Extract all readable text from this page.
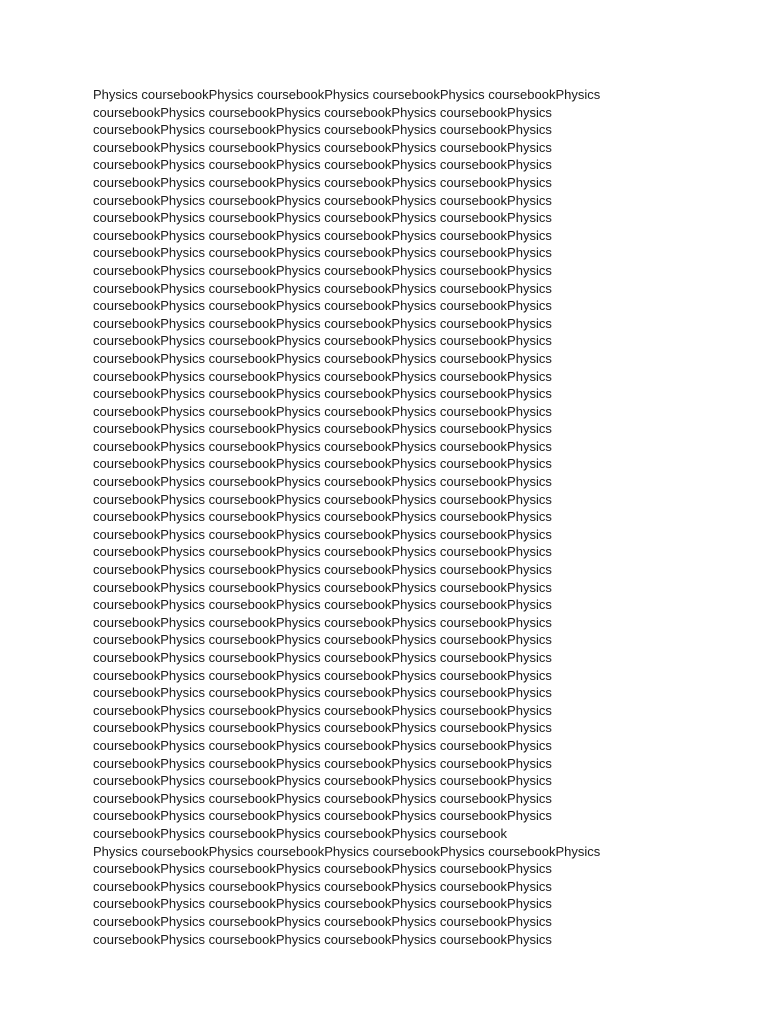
Physics coursebookPhysics coursebookPhysics coursebookPhysics coursebookPhysics
coursebookPhysics coursebookPhysics coursebookPhysics coursebookPhysics
coursebookPhysics coursebookPhysics coursebookPhysics coursebookPhysics
coursebookPhysics coursebookPhysics coursebookPhysics coursebookPhysics
coursebookPhysics coursebookPhysics coursebookPhysics coursebookPhysics
coursebookPhysics coursebookPhysics coursebookPhysics coursebookPhysics
coursebookPhysics coursebookPhysics coursebookPhysics coursebookPhysics
coursebookPhysics coursebookPhysics coursebookPhysics coursebookPhysics
coursebookPhysics coursebookPhysics coursebookPhysics coursebookPhysics
coursebookPhysics coursebookPhysics coursebookPhysics coursebookPhysics
coursebookPhysics coursebookPhysics coursebookPhysics coursebookPhysics
coursebookPhysics coursebookPhysics coursebookPhysics coursebookPhysics
coursebookPhysics coursebookPhysics coursebookPhysics coursebookPhysics
coursebookPhysics coursebookPhysics coursebookPhysics coursebookPhysics
coursebookPhysics coursebookPhysics coursebookPhysics coursebookPhysics
coursebookPhysics coursebookPhysics coursebookPhysics coursebookPhysics
coursebookPhysics coursebookPhysics coursebookPhysics coursebookPhysics
coursebookPhysics coursebookPhysics coursebookPhysics coursebookPhysics
coursebookPhysics coursebookPhysics coursebookPhysics coursebookPhysics
coursebookPhysics coursebookPhysics coursebookPhysics coursebookPhysics
coursebookPhysics coursebookPhysics coursebookPhysics coursebookPhysics
coursebookPhysics coursebookPhysics coursebookPhysics coursebookPhysics
coursebookPhysics coursebookPhysics coursebookPhysics coursebookPhysics
coursebookPhysics coursebookPhysics coursebookPhysics coursebookPhysics
coursebookPhysics coursebookPhysics coursebookPhysics coursebookPhysics
coursebookPhysics coursebookPhysics coursebookPhysics coursebookPhysics
coursebookPhysics coursebookPhysics coursebookPhysics coursebookPhysics
coursebookPhysics coursebookPhysics coursebookPhysics coursebookPhysics
coursebookPhysics coursebookPhysics coursebookPhysics coursebookPhysics
coursebookPhysics coursebookPhysics coursebookPhysics coursebookPhysics
coursebookPhysics coursebookPhysics coursebookPhysics coursebookPhysics
coursebookPhysics coursebookPhysics coursebookPhysics coursebookPhysics
coursebookPhysics coursebookPhysics coursebookPhysics coursebookPhysics
coursebookPhysics coursebookPhysics coursebookPhysics coursebookPhysics
coursebookPhysics coursebookPhysics coursebookPhysics coursebookPhysics
coursebookPhysics coursebookPhysics coursebookPhysics coursebookPhysics
coursebookPhysics coursebookPhysics coursebookPhysics coursebookPhysics
coursebookPhysics coursebookPhysics coursebookPhysics coursebookPhysics
coursebookPhysics coursebookPhysics coursebookPhysics coursebookPhysics
coursebookPhysics coursebookPhysics coursebookPhysics coursebookPhysics
coursebookPhysics coursebookPhysics coursebookPhysics coursebookPhysics
coursebookPhysics coursebookPhysics coursebookPhysics coursebookPhysics
coursebookPhysics coursebookPhysics coursebookPhysics coursebook
Physics coursebookPhysics coursebookPhysics coursebookPhysics coursebookPhysics
coursebookPhysics coursebookPhysics coursebookPhysics coursebookPhysics
coursebookPhysics coursebookPhysics coursebookPhysics coursebookPhysics
coursebookPhysics coursebookPhysics coursebookPhysics coursebookPhysics
coursebookPhysics coursebookPhysics coursebookPhysics coursebookPhysics
coursebookPhysics coursebookPhysics coursebookPhysics coursebookPhysics
